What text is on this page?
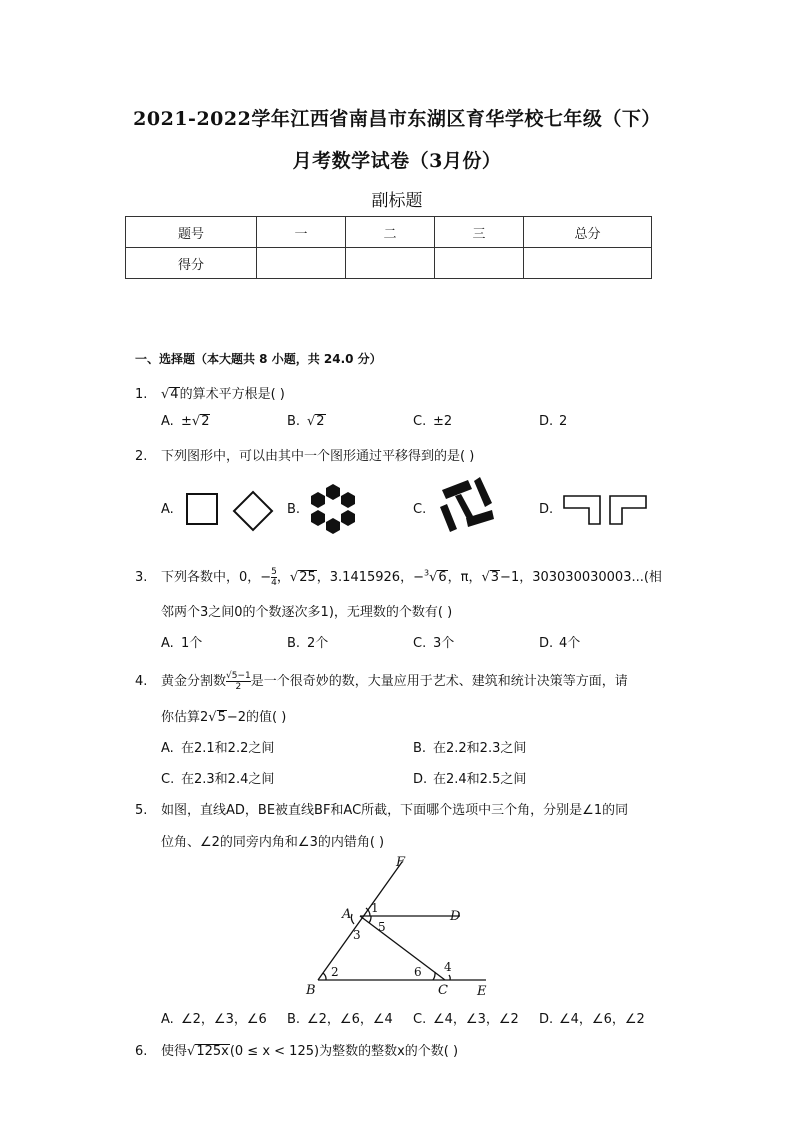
2021-2022学年江西省南昌市东湖区育华学校七年级（下）
月考数学试卷（3月份）
副标题
题号	一	二	三	总分
得分				
一、选择题（本大题共 8 小题，共 24.0 分）
1. √4的算术平方根是( )
A. ±√2	B. √2	C. ±2	D. 2
2. 下列图形中，可以由其中一个图形通过平移得到的是( )
A.	B.	C.	D.
3. 下列各数中，0，− $\frac{5}{4}$ ，√25，3.1415926，−$^3$√6，π，√3−1，303030030003...(相
邻两个3之间0的个数逐次多1)，无理数的个数有( )
A. 1个	B. 2个	C. 3个	D. 4个
4. 黄金分割数 $\frac{√5-1}{2}$ 是一个很奇妙的数，大量应用于艺术、建筑和统计决策等方面，请
你估算2√5−2的值( )
A. 在2.1和2.2之间	B. 在2.2和2.3之间
C. 在2.3和2.4之间	D. 在2.4和2.5之间
5. 如图，直线AD，BE被直线BF和AC所截，下面哪个选项中三个角，分别是∠1的同
位角、∠2的同旁内角和∠3的内错角( )
F
A	D
B	C E
1
2
3
4
5
6
A. ∠2，∠3，∠6 B. ∠2，∠6，∠4 C. ∠4，∠3，∠2 D. ∠4，∠6，∠2
6. 使得√125x(0 ≤ x < 125)为整数的整数x的个数( )
